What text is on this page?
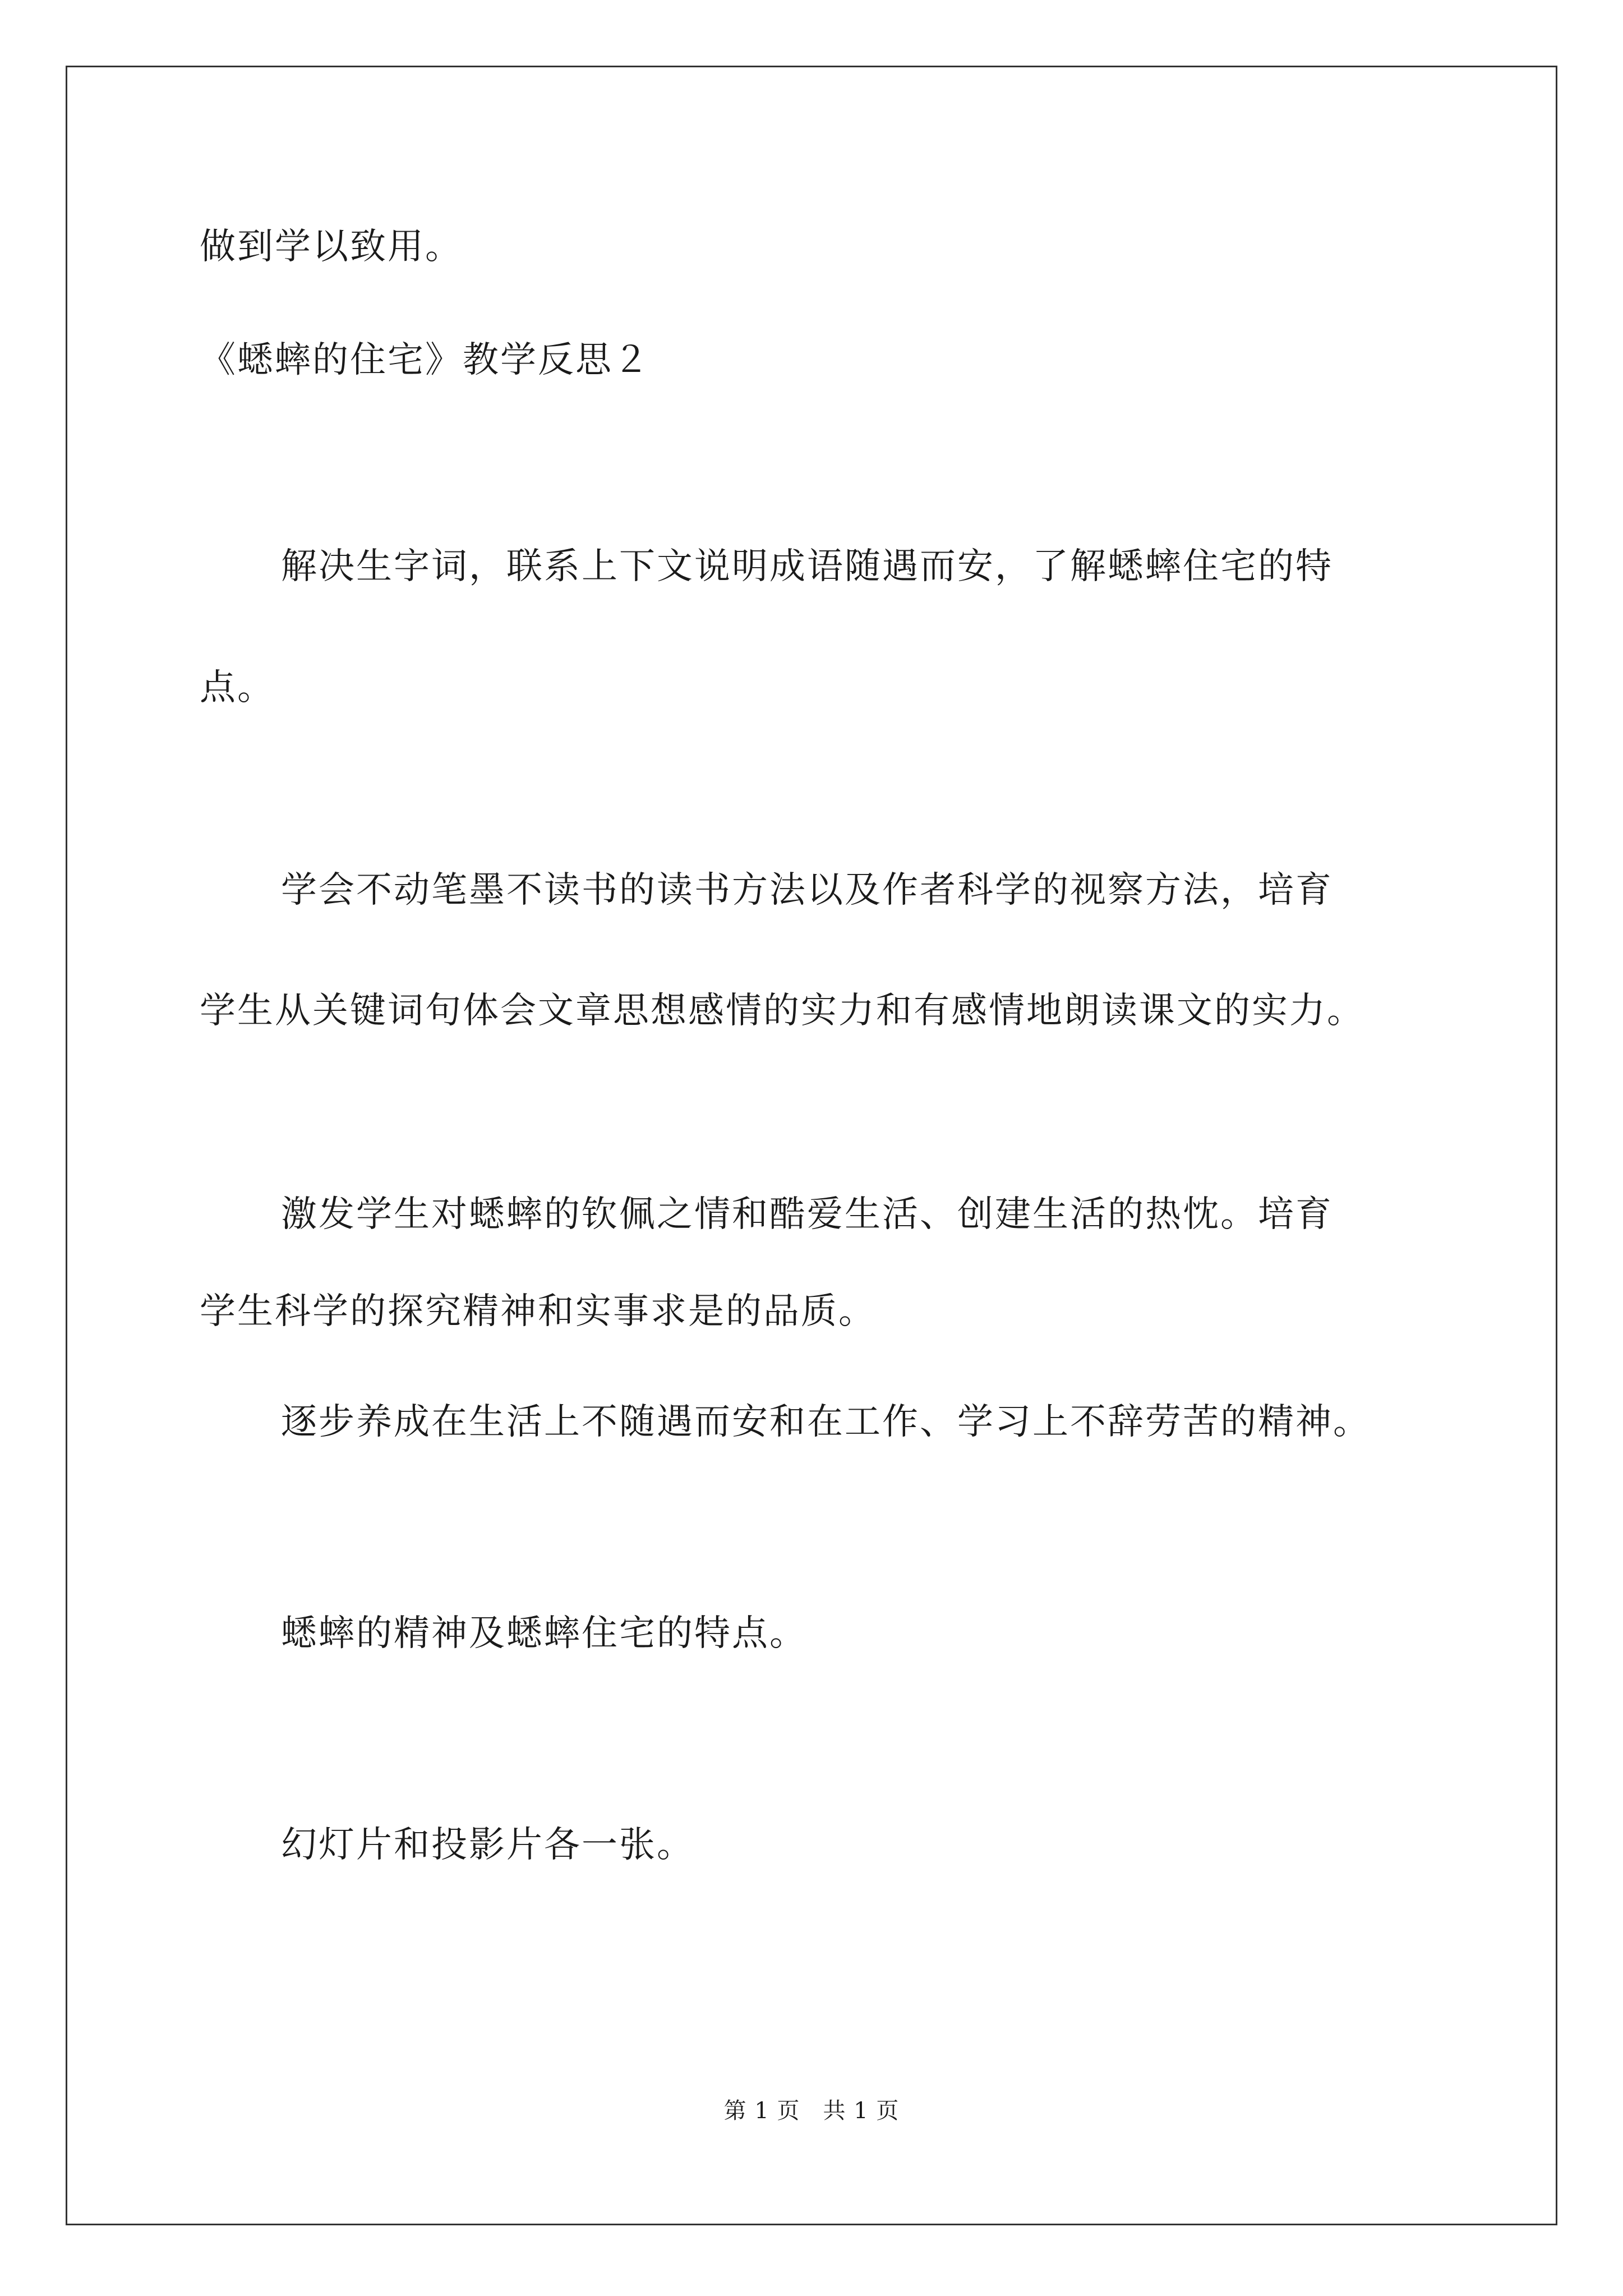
做到学以致用。
《蟋蟀的住宅》教学反思２
解决生字词，联系上下文说明成语随遇而安，了解蟋蟀住宅的特
点。
学会不动笔墨不读书的读书方法以及作者科学的视察方法，培育
学生从关键词句体会文章思想感情的实力和有感情地朗读课文的实力。
激发学生对蟋蟀的钦佩之情和酷爱生活、创建生活的热忱。培育
学生科学的探究精神和实事求是的品质。
逐步养成在生活上不随遇而安和在工作、学习上不辞劳苦的精神。
蟋蟀的精神及蟋蟀住宅的特点。
幻灯片和投影片各一张。
第 1 页　共 1 页
